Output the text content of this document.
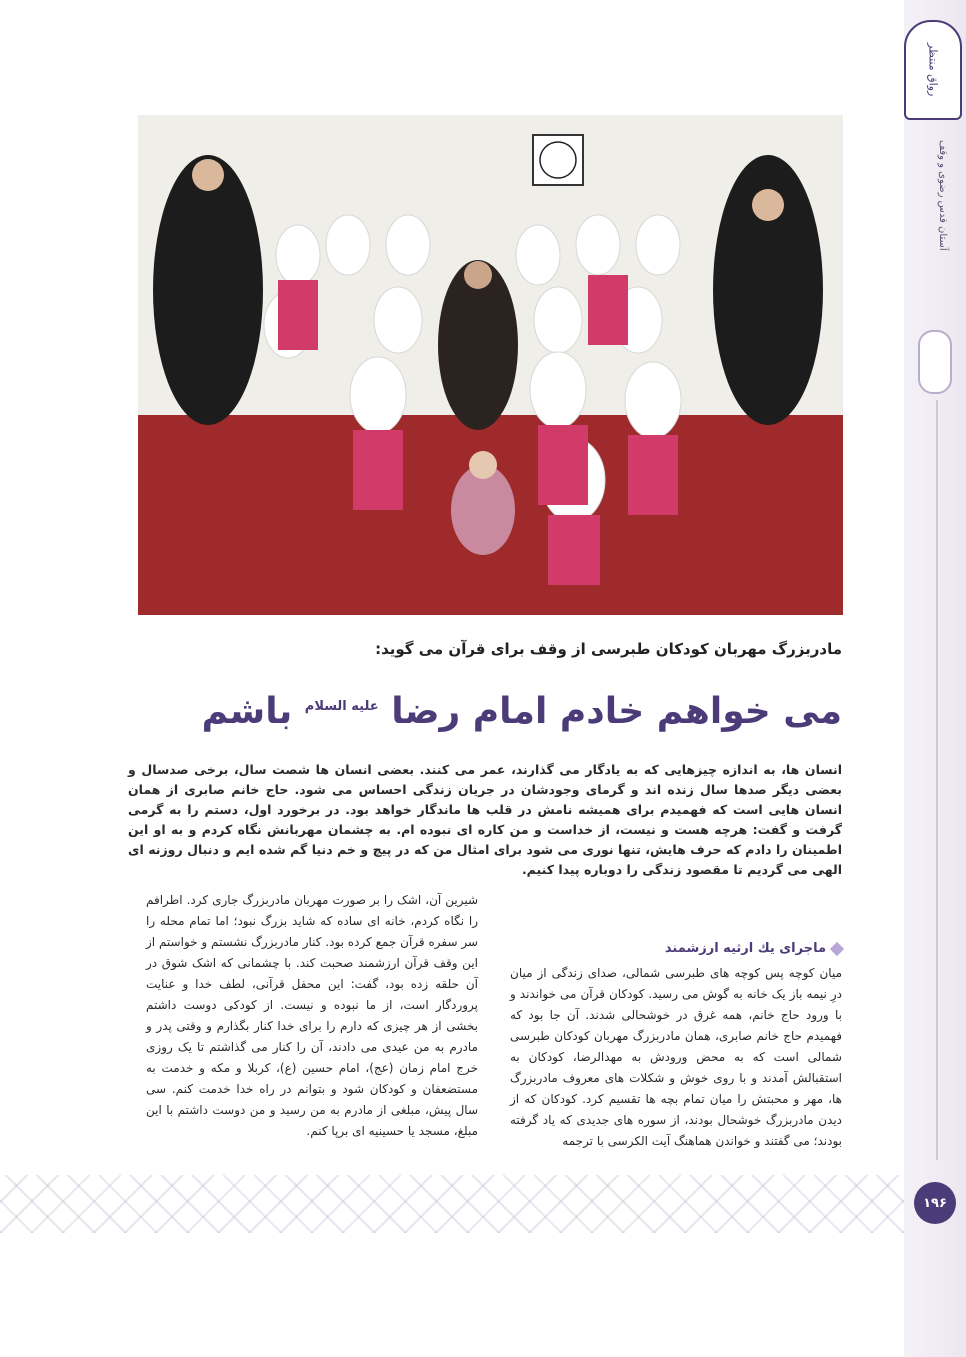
رواق منتظر
آستان قدس رضوی و وقف
مادربزرگ مهربان کودکان طبرسی از وقف برای قرآن می گوید:
می خواهم خادم امام رضا $^{علیه السلام}$ باشم
انسان ها، به اندازه چیزهایی که به یادگار می گذارند، عمر می کنند. بعضی انسان ها شصت سال، برخی صدسال و بعضی دیگر صدها سال زنده اند و گرمای وجودشان در جریان زندگی احساس می شود. حاج خانم صابری از همان انسان هایی است که فهمیدم برای همیشه نامش در قلب ها ماندگار خواهد بود. در برخورد اول، دستم را به گرمی گرفت و گفت: هرچه هست و نیست، از خداست و من کاره ای نبوده ام. به چشمان مهربانش نگاه کردم و به او این اطمینان را دادم که حرف هایش، تنها نوری می شود برای امثال من که در پیچ و خم دنیا گم شده ایم و دنبال روزنه ای الهی می گردیم تا مقصود زندگی را دوباره پیدا کنیم.
ماجرای یك ارثیه ارزشمند
میان کوچه پس کوچه های طبرسی شمالی، صدای زندگی از میان درِ نیمه باز یک خانه به گوش می رسید. کودکان قرآن می خواندند و با ورود حاج خانم، همه غرق در خوشحالی شدند. آن جا بود که فهمیدم حاج خانم صابری، همان مادربزرگ مهربان کودکان طبرسی شمالی است که به محض ورودش به مهدالرضا، کودکان به استقبالش آمدند و با روی خوش و شکلات های معروف مادربزرگ ها، مهر و محبتش را میان تمام بچه ها تقسیم کرد. کودکان که از دیدن مادربزرگ خوشحال بودند، از سوره های جدیدی که یاد گرفته بودند؛ می گفتند و خواندن هماهنگ آیت الکرسی با ترجمه
شیرین آن، اشک را بر صورت مهربان مادربزرگ جاری کرد. اطرافم را نگاه کردم، خانه ای ساده که شاید بزرگ نبود؛ اما تمام محله را سر سفره قرآن جمع کرده بود. کنار مادربزرگ نشستم و خواستم از این وقف قرآن ارزشمند صحبت کند. با چشمانی که اشک شوق در آن حلقه زده بود، گفت: این محفل قرآنی، لطف خدا و عنایت پروردگار است، از ما نبوده و نیست. از کودکی دوست داشتم بخشی از هر چیزی که دارم را برای خدا کنار بگذارم و وقتی پدر و مادرم به من عیدی می دادند، آن را کنار می گذاشتم تا یک روزی خرج امام زمان (عج)، امام حسین (ع)، کربلا و مکه و خدمت به مستضعفان و کودکان شود و بتوانم در راه خدا خدمت کنم. سی سال پیش، مبلغی از مادرم به من رسید و من دوست داشتم با این مبلغ، مسجد یا حسینیه ای برپا کنم.
۱۹۶
